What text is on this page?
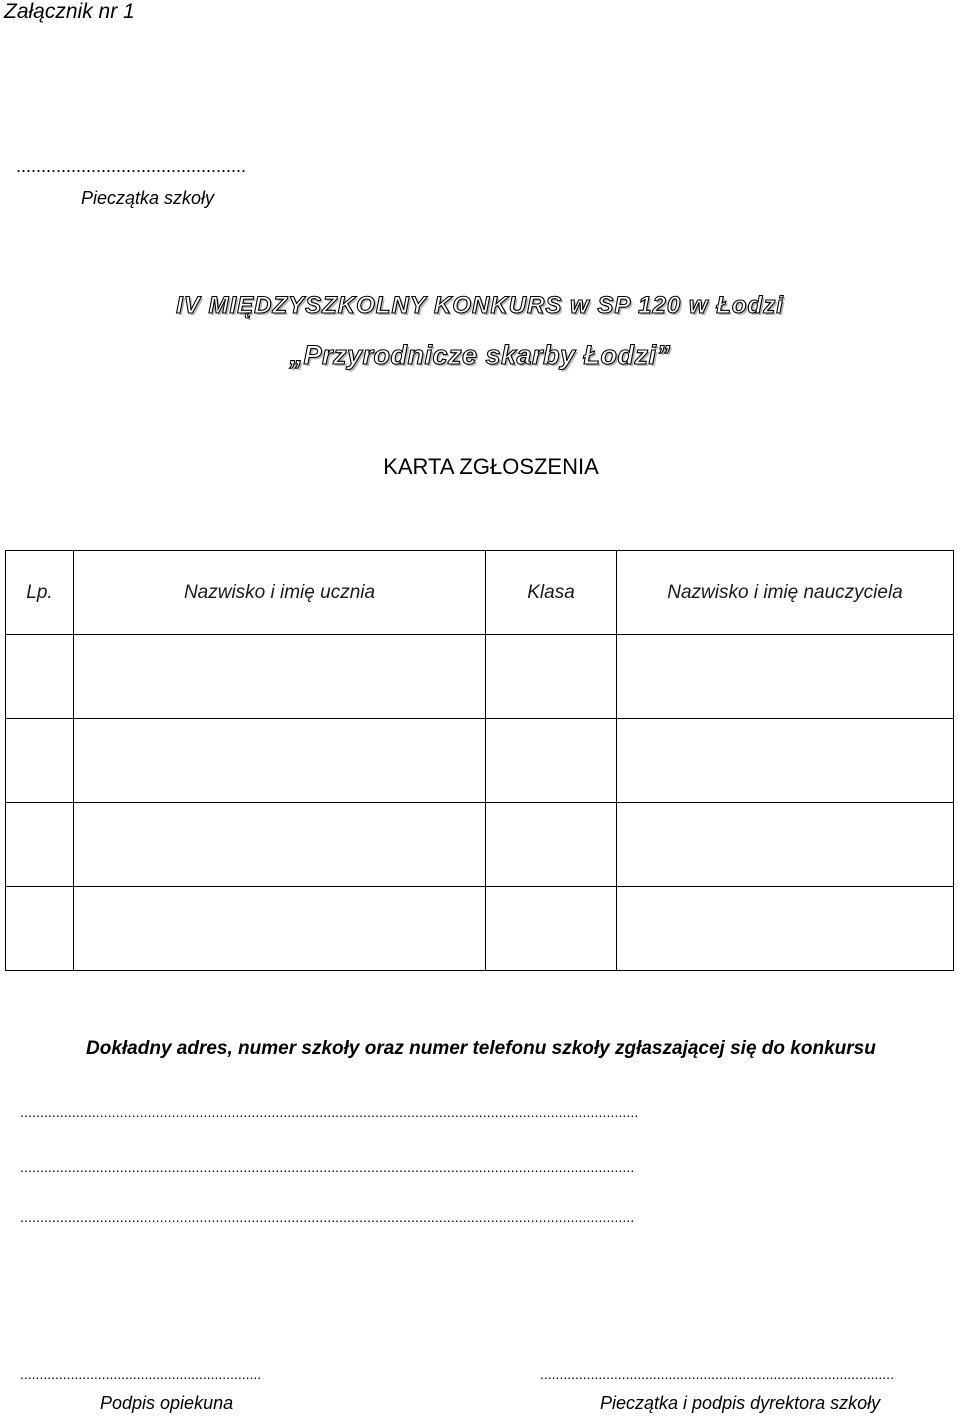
Załącznik nr 1
..............................................
Pieczątka szkoły
IV MIĘDZYSZKOLNY KONKURS w SP 120 w Łodzi
„Przyrodnicze skarby Łodzi”
KARTA ZGŁOSZENIA
Lp.	Nazwisko i imię ucznia	Klasa	Nazwisko i imię nauczyciela

Dokładny adres, numer szkoły oraz numer telefonu szkoły zgłaszającej się do konkursu
...........................................................................................................................................................
..........................................................................................................................................................
..........................................................................................................................................................
..............................................................	...........................................................................................
Podpis opiekuna	Pieczątka i podpis dyrektora szkoły
